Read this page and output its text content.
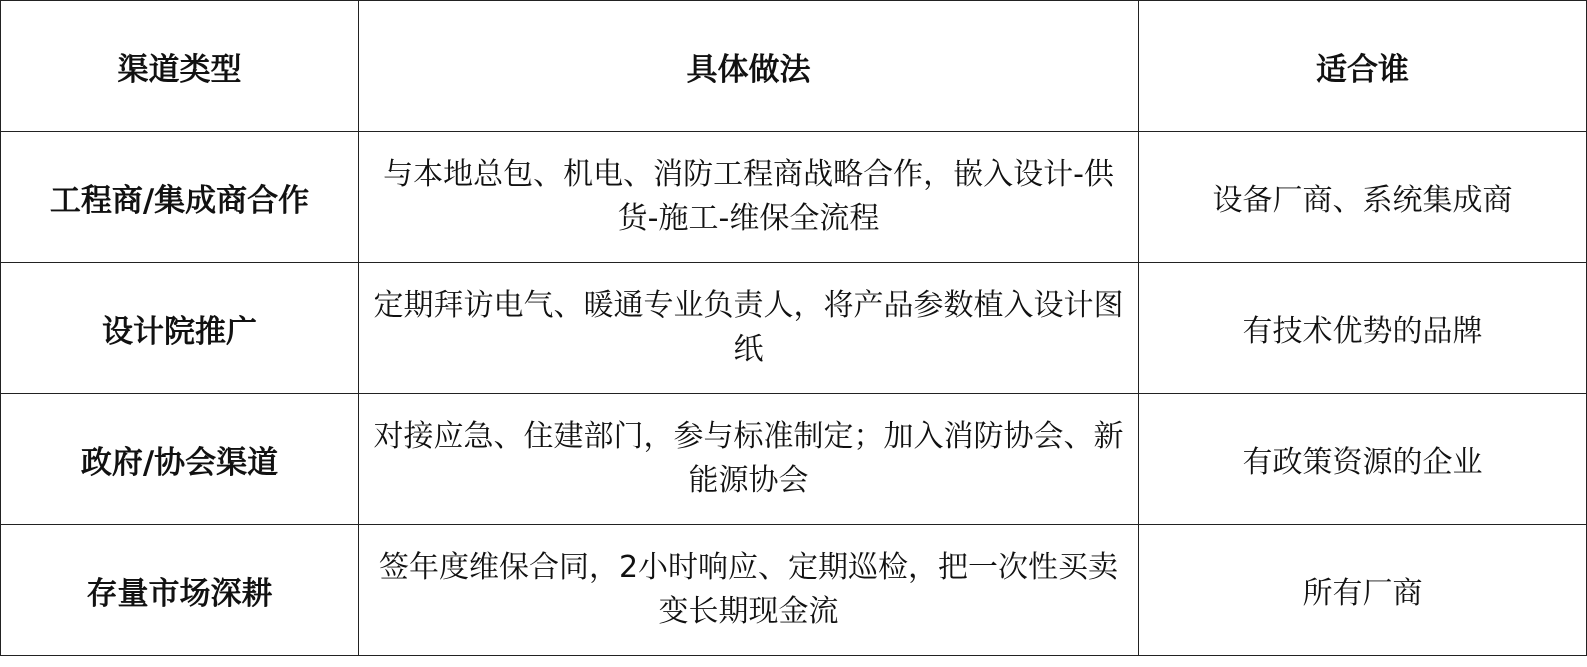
渠道类型	具体做法	适合谁
工程商/集成商合作	与本地总包、机电、消防工程商战略合作，嵌入设计-供货-施工-维保全流程	设备厂商、系统集成商
设计院推广	定期拜访电气、暖通专业负责人，将产品参数植入设计图纸	有技术优势的品牌
政府/协会渠道	对接应急、住建部门，参与标准制定；加入消防协会、新能源协会	有政策资源的企业
存量市场深耕	签年度维保合同，2小时响应、定期巡检，把一次性买卖变长期现金流	所有厂商
